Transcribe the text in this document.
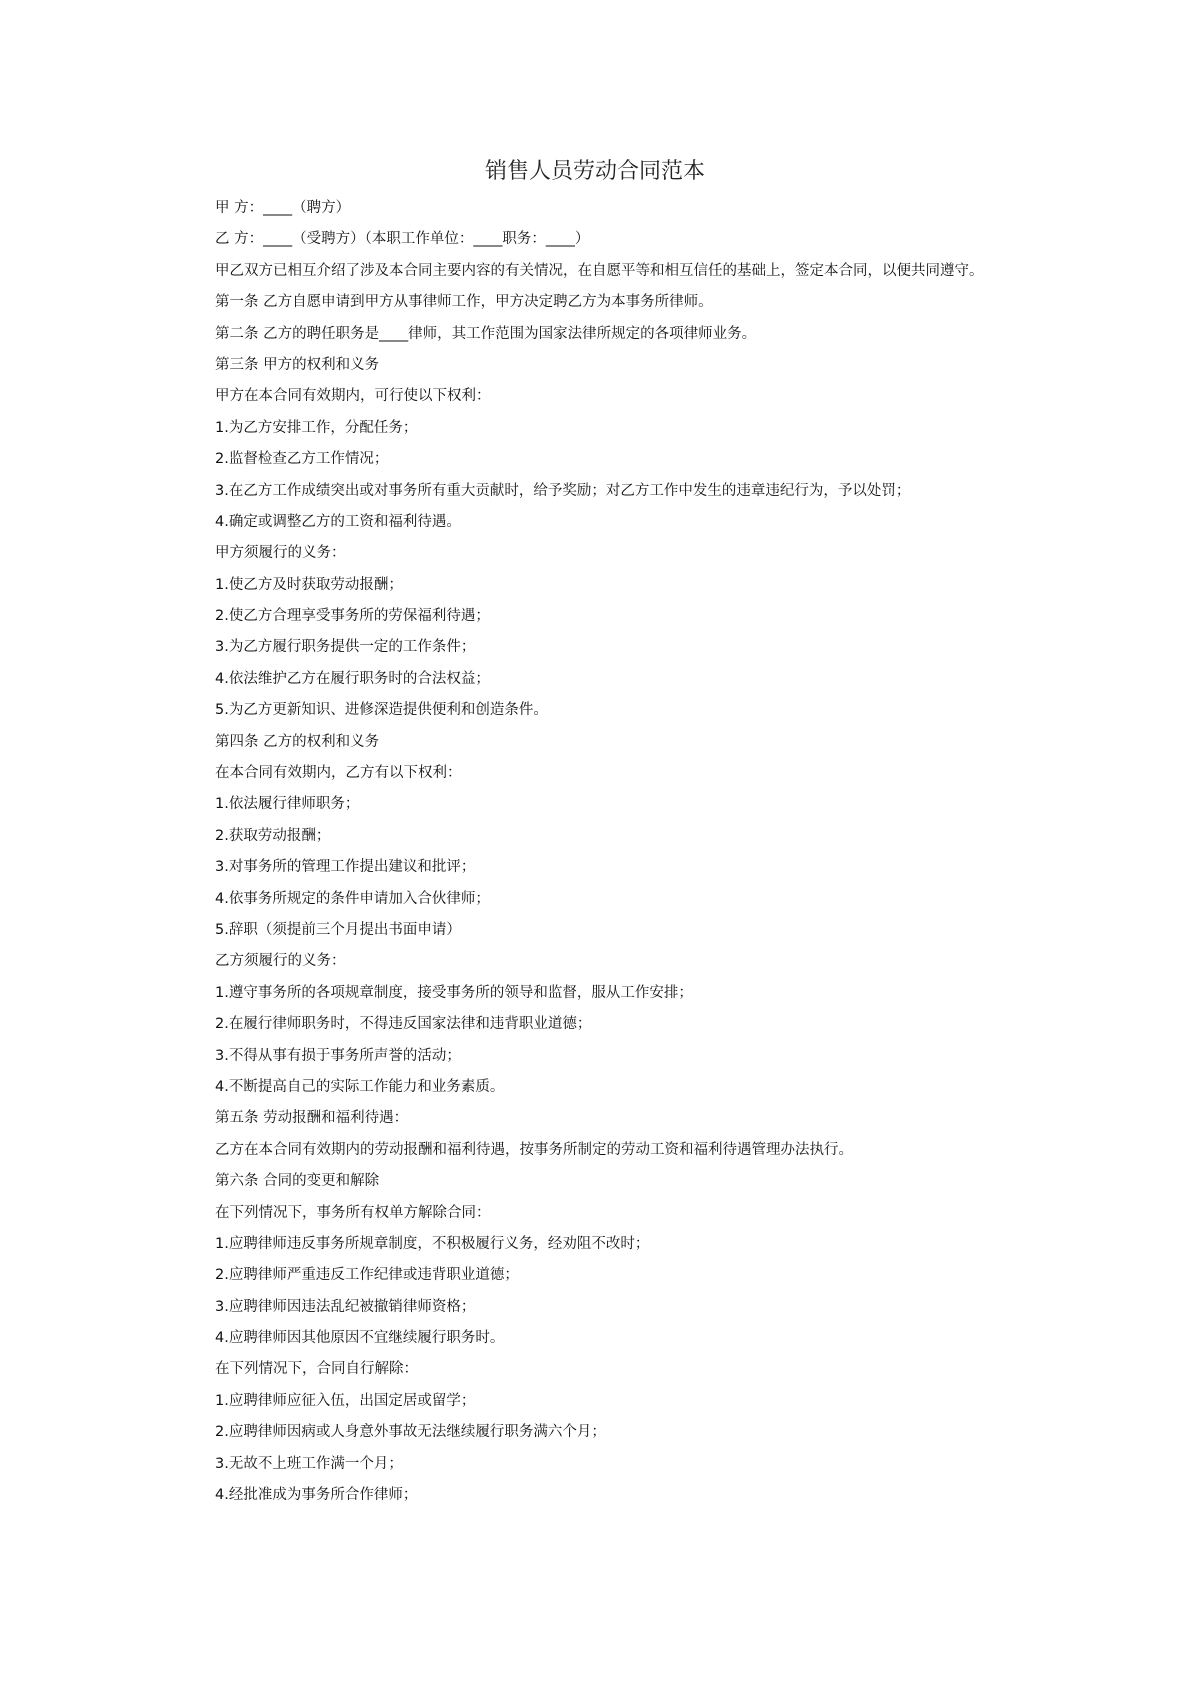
销售人员劳动合同范本
甲 方：____（聘方）
乙 方：____（受聘方）（本职工作单位：____职务：____）
甲乙双方已相互介绍了涉及本合同主要内容的有关情况，在自愿平等和相互信任的基础上，签定本合同，以便共同遵守。
第一条 乙方自愿申请到甲方从事律师工作，甲方决定聘乙方为本事务所律师。
第二条 乙方的聘任职务是____律师，其工作范围为国家法律所规定的各项律师业务。
第三条 甲方的权利和义务
甲方在本合同有效期内，可行使以下权利：
1.为乙方安排工作，分配任务；
2.监督检查乙方工作情况；
3.在乙方工作成绩突出或对事务所有重大贡献时，给予奖励；对乙方工作中发生的违章违纪行为，予以处罚；
4.确定或调整乙方的工资和福利待遇。
甲方须履行的义务：
1.使乙方及时获取劳动报酬；
2.使乙方合理享受事务所的劳保福利待遇；
3.为乙方履行职务提供一定的工作条件；
4.依法维护乙方在履行职务时的合法权益；
5.为乙方更新知识、进修深造提供便利和创造条件。
第四条 乙方的权利和义务
在本合同有效期内，乙方有以下权利：
1.依法履行律师职务；
2.获取劳动报酬；
3.对事务所的管理工作提出建议和批评；
4.依事务所规定的条件申请加入合伙律师；
5.辞职（须提前三个月提出书面申请）
乙方须履行的义务：
1.遵守事务所的各项规章制度，接受事务所的领导和监督，服从工作安排；
2.在履行律师职务时，不得违反国家法律和违背职业道德；
3.不得从事有损于事务所声誉的活动；
4.不断提高自己的实际工作能力和业务素质。
第五条 劳动报酬和福利待遇：
乙方在本合同有效期内的劳动报酬和福利待遇，按事务所制定的劳动工资和福利待遇管理办法执行。
第六条 合同的变更和解除
在下列情况下，事务所有权单方解除合同：
1.应聘律师违反事务所规章制度，不积极履行义务，经劝阻不改时；
2.应聘律师严重违反工作纪律或违背职业道德；
3.应聘律师因违法乱纪被撤销律师资格；
4.应聘律师因其他原因不宜继续履行职务时。
在下列情况下，合同自行解除：
1.应聘律师应征入伍，出国定居或留学；
2.应聘律师因病或人身意外事故无法继续履行职务满六个月；
3.无故不上班工作满一个月；
4.经批准成为事务所合作律师；
